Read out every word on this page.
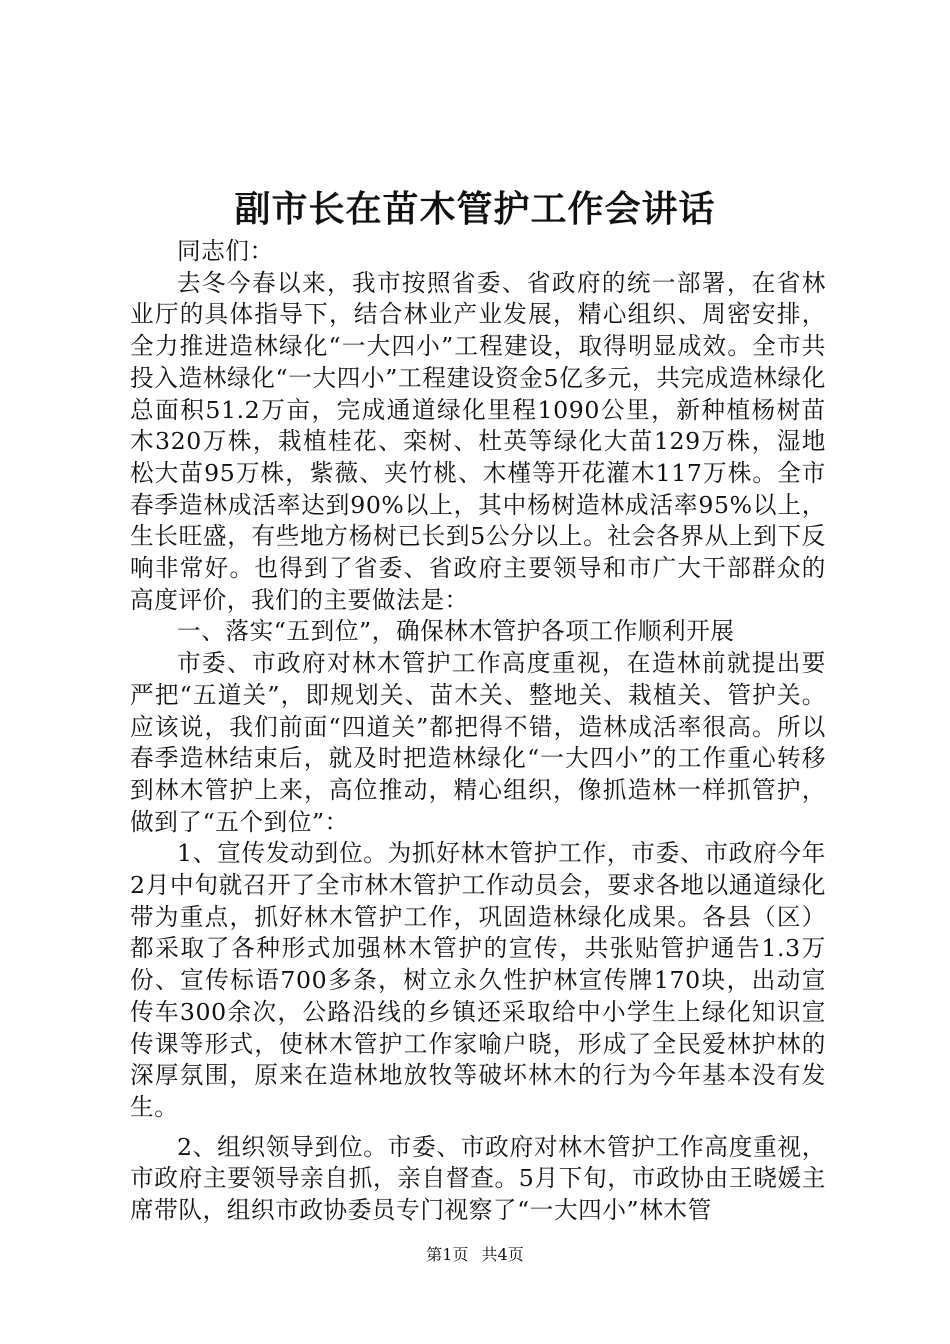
副市长在苗木管护工作会讲话

同志们：

去冬今春以来，我市按照省委、省政府的统一部署，在省林业厅的具体指导下，结合林业产业发展，精心组织、周密安排，全力推进造林绿化“一大四小”工程建设，取得明显成效。全市共投入造林绿化“一大四小”工程建设资金5亿多元，共完成造林绿化总面积51.2万亩，完成通道绿化里程1090公里，新种植杨树苗木320万株，栽植桂花、栾树、杜英等绿化大苗129万株，湿地松大苗95万株，紫薇、夹竹桃、木槿等开花灌木117万株。全市春季造林成活率达到90%以上，其中杨树造林成活率95%以上，生长旺盛，有些地方杨树已长到5公分以上。社会各界从上到下反响非常好。也得到了省委、省政府主要领导和市广大干部群众的高度评价，我们的主要做法是：

一、落实“五到位”，确保林木管护各项工作顺利开展

市委、市政府对林木管护工作高度重视，在造林前就提出要严把“五道关”，即规划关、苗木关、整地关、栽植关、管护关。应该说，我们前面“四道关”都把得不错，造林成活率很高。所以春季造林结束后，就及时把造林绿化“一大四小”的工作重心转移到林木管护上来，高位推动，精心组织，像抓造林一样抓管护，做到了“五个到位”：

1、宣传发动到位。为抓好林木管护工作，市委、市政府今年2月中旬就召开了全市林木管护工作动员会，要求各地以通道绿化带为重点，抓好林木管护工作，巩固造林绿化成果。各县（区）都采取了各种形式加强林木管护的宣传，共张贴管护通告1.3万份、宣传标语700多条，树立永久性护林宣传牌170块，出动宣传车300余次，公路沿线的乡镇还采取给中小学生上绿化知识宣传课等形式，使林木管护工作家喻户晓，形成了全民爱林护林的深厚氛围，原来在造林地放牧等破坏林木的行为今年基本没有发生。

2、组织领导到位。市委、市政府对林木管护工作高度重视，市政府主要领导亲自抓，亲自督查。5月下旬，市政协由王晓媛主席带队，组织市政协委员专门视察了“一大四小”林木管

第1页 共4页
